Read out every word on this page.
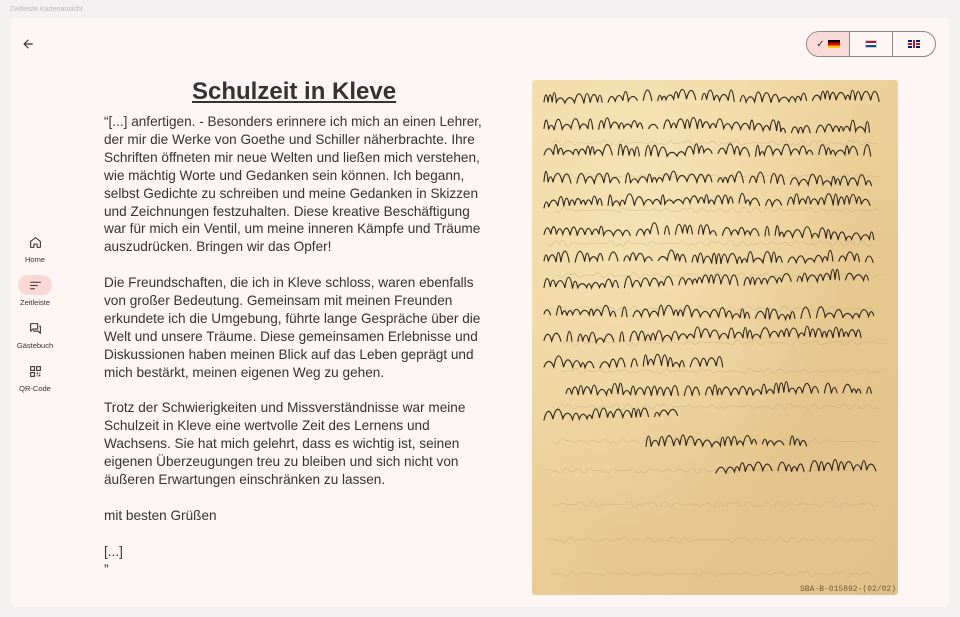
Zeitleiste Kartenansicht
✓
Home
Zeitleiste
Gästebuch
QR-Code
Schulzeit in Kleve

“[...] anfertigen. - Besonders erinnere ich mich an einen Lehrer, der mir die Werke von Goethe und Schiller näherbrachte. Ihre Schriften öffneten mir neue Welten und ließen mich verstehen, wie mächtig Worte und Gedanken sein können. Ich begann, selbst Gedichte zu schreiben und meine Gedanken in Skizzen und Zeichnungen festzuhalten. Diese kreative Beschäftigung war für mich ein Ventil, um meine inneren Kämpfe und Träume auszudrücken. Bringen wir das Opfer!

Die Freundschaften, die ich in Kleve schloss, waren ebenfalls von großer Bedeutung. Gemeinsam mit meinen Freunden erkundete ich die Umgebung, führte lange Gespräche über die Welt und unsere Träume. Diese gemeinsamen Erlebnisse und Diskussionen haben meinen Blick auf das Leben geprägt und mich bestärkt, meinen eigenen Weg zu gehen.

Trotz der Schwierigkeiten und Missverständnisse war meine Schulzeit in Kleve eine wertvolle Zeit des Lernens und Wachsens. Sie hat mich gelehrt, dass es wichtig ist, seinen eigenen Überzeugungen treu zu bleiben und sich nicht von äußeren Erwartungen einschränken zu lassen.

mit besten Grüßen

[...]

”

SBA-B-015892-(02/02)
